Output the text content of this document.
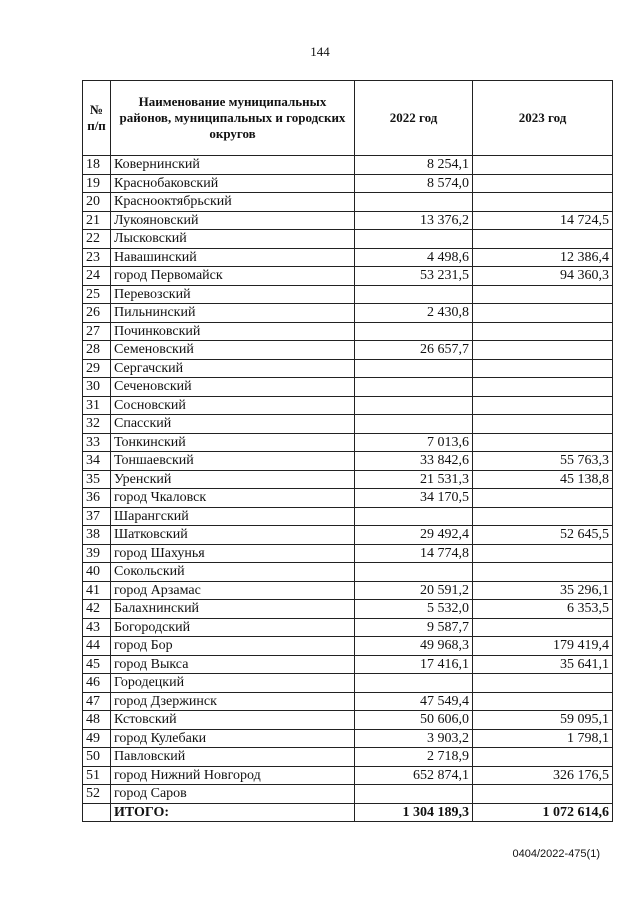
144
№ п/п	Наименование муниципальных районов, муниципальных и городских округов	2022 год	2023 год
18	Ковернинский	8 254,1	
19	Краснобаковский	8 574,0	
20	Краснооктябрьский		
21	Лукояновский	13 376,2	14 724,5
22	Лысковский		
23	Навашинский	4 498,6	12 386,4
24	город Первомайск	53 231,5	94 360,3
25	Перевозский		
26	Пильнинский	2 430,8	
27	Починковский		
28	Семеновский	26 657,7	
29	Сергачский		
30	Сеченовский		
31	Сосновский		
32	Спасский		
33	Тонкинский	7 013,6	
34	Тоншаевский	33 842,6	55 763,3
35	Уренский	21 531,3	45 138,8
36	город Чкаловск	34 170,5	
37	Шарангский		
38	Шатковский	29 492,4	52 645,5
39	город Шахунья	14 774,8	
40	Сокольский		
41	город Арзамас	20 591,2	35 296,1
42	Балахнинский	5 532,0	6 353,5
43	Богородский	9 587,7	
44	город Бор	49 968,3	179 419,4
45	город Выкса	17 416,1	35 641,1
46	Городецкий		
47	город Дзержинск	47 549,4	
48	Кстовский	50 606,0	59 095,1
49	город Кулебаки	3 903,2	1 798,1
50	Павловский	2 718,9	
51	город Нижний Новгород	652 874,1	326 176,5
52	город Саров		
	ИТОГО:	1 304 189,3	1 072 614,6
0404/2022-475(1)
